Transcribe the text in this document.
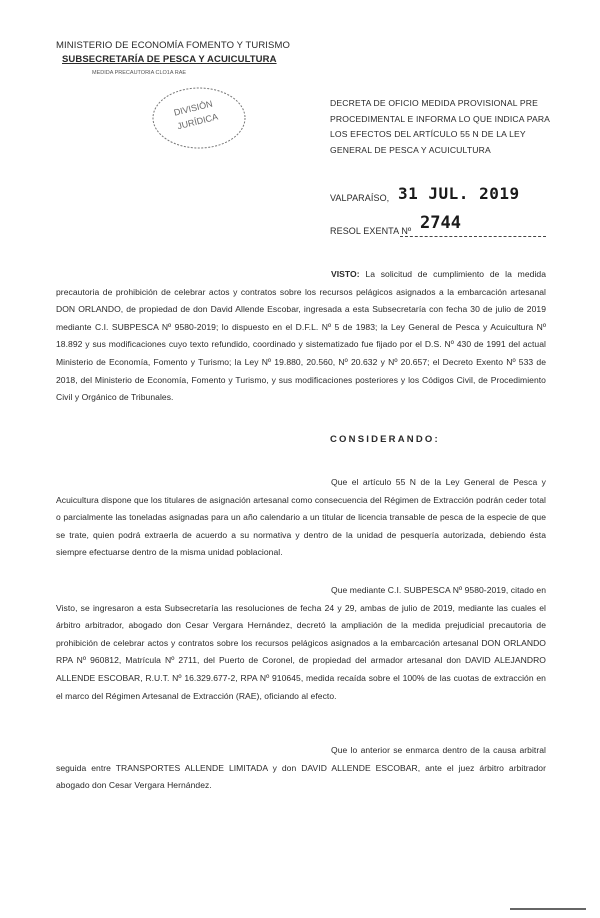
MINISTERIO DE ECONOMÍA FOMENTO Y TURISMO
SUBSECRETARÍA DE PESCA Y ACUICULTURA
MEDIDA PRECAUTORIA CLO1A RAE
DIVISIÓN
JURÍDICA
DECRETA DE OFICIO MEDIDA PROVISIONAL PRE PROCEDIMENTAL E INFORMA LO QUE INDICA PARA LOS EFECTOS DEL ARTÍCULO 55 N DE LA LEY GENERAL DE PESCA Y ACUICULTURA
VALPARAÍSO, 31 JUL. 2019
RESOL EXENTA Nº 2744
VISTO: La solicitud de cumplimiento de la medida precautoria de prohibición de celebrar actos y contratos sobre los recursos pelágicos asignados a la embarcación artesanal DON ORLANDO, de propiedad de don David Allende Escobar, ingresada a esta Subsecretaría con fecha 30 de julio de 2019 mediante C.I. SUBPESCA Nº 9580-2019; lo dispuesto en el D.F.L. Nº 5 de 1983; la Ley General de Pesca y Acuicultura Nº 18.892 y sus modificaciones cuyo texto refundido, coordinado y sistematizado fue fijado por el D.S. Nº 430 de 1991 del actual Ministerio de Economía, Fomento y Turismo; la Ley Nº 19.880, 20.560, Nº 20.632 y Nº 20.657; el Decreto Exento Nº 533 de 2018, del Ministerio de Economía, Fomento y Turismo, y sus modificaciones posteriores y los Códigos Civil, de Procedimiento Civil y Orgánico de Tribunales.
CONSIDERANDO:
Que el artículo 55 N de la Ley General de Pesca y Acuicultura dispone que los titulares de asignación artesanal como consecuencia del Régimen de Extracción podrán ceder total o parcialmente las toneladas asignadas para un año calendario a un titular de licencia transable de pesca de la especie de que se trate, quien podrá extraerla de acuerdo a su normativa y dentro de la unidad de pesquería autorizada, debiendo ésta siempre efectuarse dentro de la misma unidad poblacional.
Que mediante C.I. SUBPESCA Nº 9580-2019, citado en Visto, se ingresaron a esta Subsecretaría las resoluciones de fecha 24 y 29, ambas de julio de 2019, mediante las cuales el árbitro arbitrador, abogado don Cesar Vergara Hernández, decretó la ampliación de la medida prejudicial precautoria de prohibición de celebrar actos y contratos sobre los recursos pelágicos asignados a la embarcación artesanal DON ORLANDO RPA Nº 960812, Matrícula Nº 2711, del Puerto de Coronel, de propiedad del armador artesanal don DAVID ALEJANDRO ALLENDE ESCOBAR, R.U.T. Nº 16.329.677-2, RPA Nº 910645, medida recaída sobre el 100% de las cuotas de extracción en el marco del Régimen Artesanal de Extracción (RAE), oficiando al efecto.
Que lo anterior se enmarca dentro de la causa arbitral seguida entre TRANSPORTES ALLENDE LIMITADA y don DAVID ALLENDE ESCOBAR, ante el juez árbitro arbitrador abogado don Cesar Vergara Hernández.
